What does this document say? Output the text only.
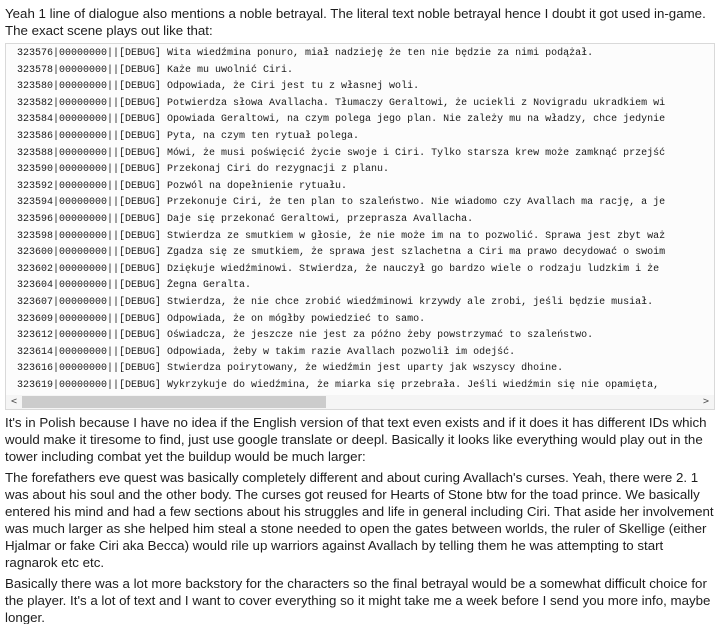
Yeah 1 line of dialogue also mentions a noble betrayal. The literal text noble betrayal hence I doubt it got used in-game. The exact scene plays out like that:

323576|00000000||[DEBUG] Wita wiedźmina ponuro, miał nadzieję że ten nie będzie za nimi podążał.
323578|00000000||[DEBUG] Każe mu uwolnić Ciri.
323580|00000000||[DEBUG] Odpowiada, że Ciri jest tu z własnej woli.
323582|00000000||[DEBUG] Potwierdza słowa Avallacha. Tłumaczy Geraltowi, że uciekli z Novigradu ukradkiem wi
323584|00000000||[DEBUG] Opowiada Geraltowi, na czym polega jego plan. Nie zależy mu na władzy, chce jedynie
323586|00000000||[DEBUG] Pyta, na czym ten rytuał polega.
323588|00000000||[DEBUG] Mówi, że musi poświęcić życie swoje i Ciri. Tylko starsza krew może zamknąć przejść
323590|00000000||[DEBUG] Przekonaj Ciri do rezygnacji z planu.
323592|00000000||[DEBUG] Pozwól na dopełnienie rytuału.
323594|00000000||[DEBUG] Przekonuje Ciri, że ten plan to szaleństwo. Nie wiadomo czy Avallach ma rację, a je
323596|00000000||[DEBUG] Daje się przekonać Geraltowi, przeprasza Avallacha.
323598|00000000||[DEBUG] Stwierdza ze smutkiem w głosie, że nie może im na to pozwolić. Sprawa jest zbyt waż
323600|00000000||[DEBUG] Zgadza się ze smutkiem, że sprawa jest szlachetna a Ciri ma prawo decydować o swoim
323602|00000000||[DEBUG] Dziękuje wiedźminowi. Stwierdza, że nauczył go bardzo wiele o rodzaju ludzkim i że
323604|00000000||[DEBUG] Żegna Geralta.
323607|00000000||[DEBUG] Stwierdza, że nie chce zrobić wiedźminowi krzywdy ale zrobi, jeśli będzie musiał.
323609|00000000||[DEBUG] Odpowiada, że on mógłby powiedzieć to samo.
323612|00000000||[DEBUG] Oświadcza, że jeszcze nie jest za późno żeby powstrzymać to szaleństwo.
323614|00000000||[DEBUG] Odpowiada, żeby w takim razie Avallach pozwolił im odejść.
323616|00000000||[DEBUG] Stwierdza poirytowany, że wiedźmin jest uparty jak wszyscy dhoine.
323619|00000000||[DEBUG] Wykrzykuje do wiedźmina, że miarka się przebrała. Jeśli wiedźmin się nie opamięta,
<	>

It's in Polish because I have no idea if the English version of that text even exists and if it does it has different IDs which would make it tiresome to find, just use google translate or deepl. Basically it looks like everything would play out in the tower including combat yet the buildup would be much larger:

The forefathers eve quest was basically completely different and about curing Avallach's curses. Yeah, there were 2. 1 was about his soul and the other body. The curses got reused for Hearts of Stone btw for the toad prince. We basically entered his mind and had a few sections about his struggles and life in general including Ciri. That aside her involvement was much larger as she helped him steal a stone needed to open the gates between worlds, the ruler of Skellige (either Hjalmar or fake Ciri aka Becca) would rile up warriors against Avallach by telling them he was attempting to start ragnarok etc etc.

Basically there was a lot more backstory for the characters so the final betrayal would be a somewhat difficult choice for the player. It's a lot of text and I want to cover everything so it might take me a week before I send you more info, maybe longer.
